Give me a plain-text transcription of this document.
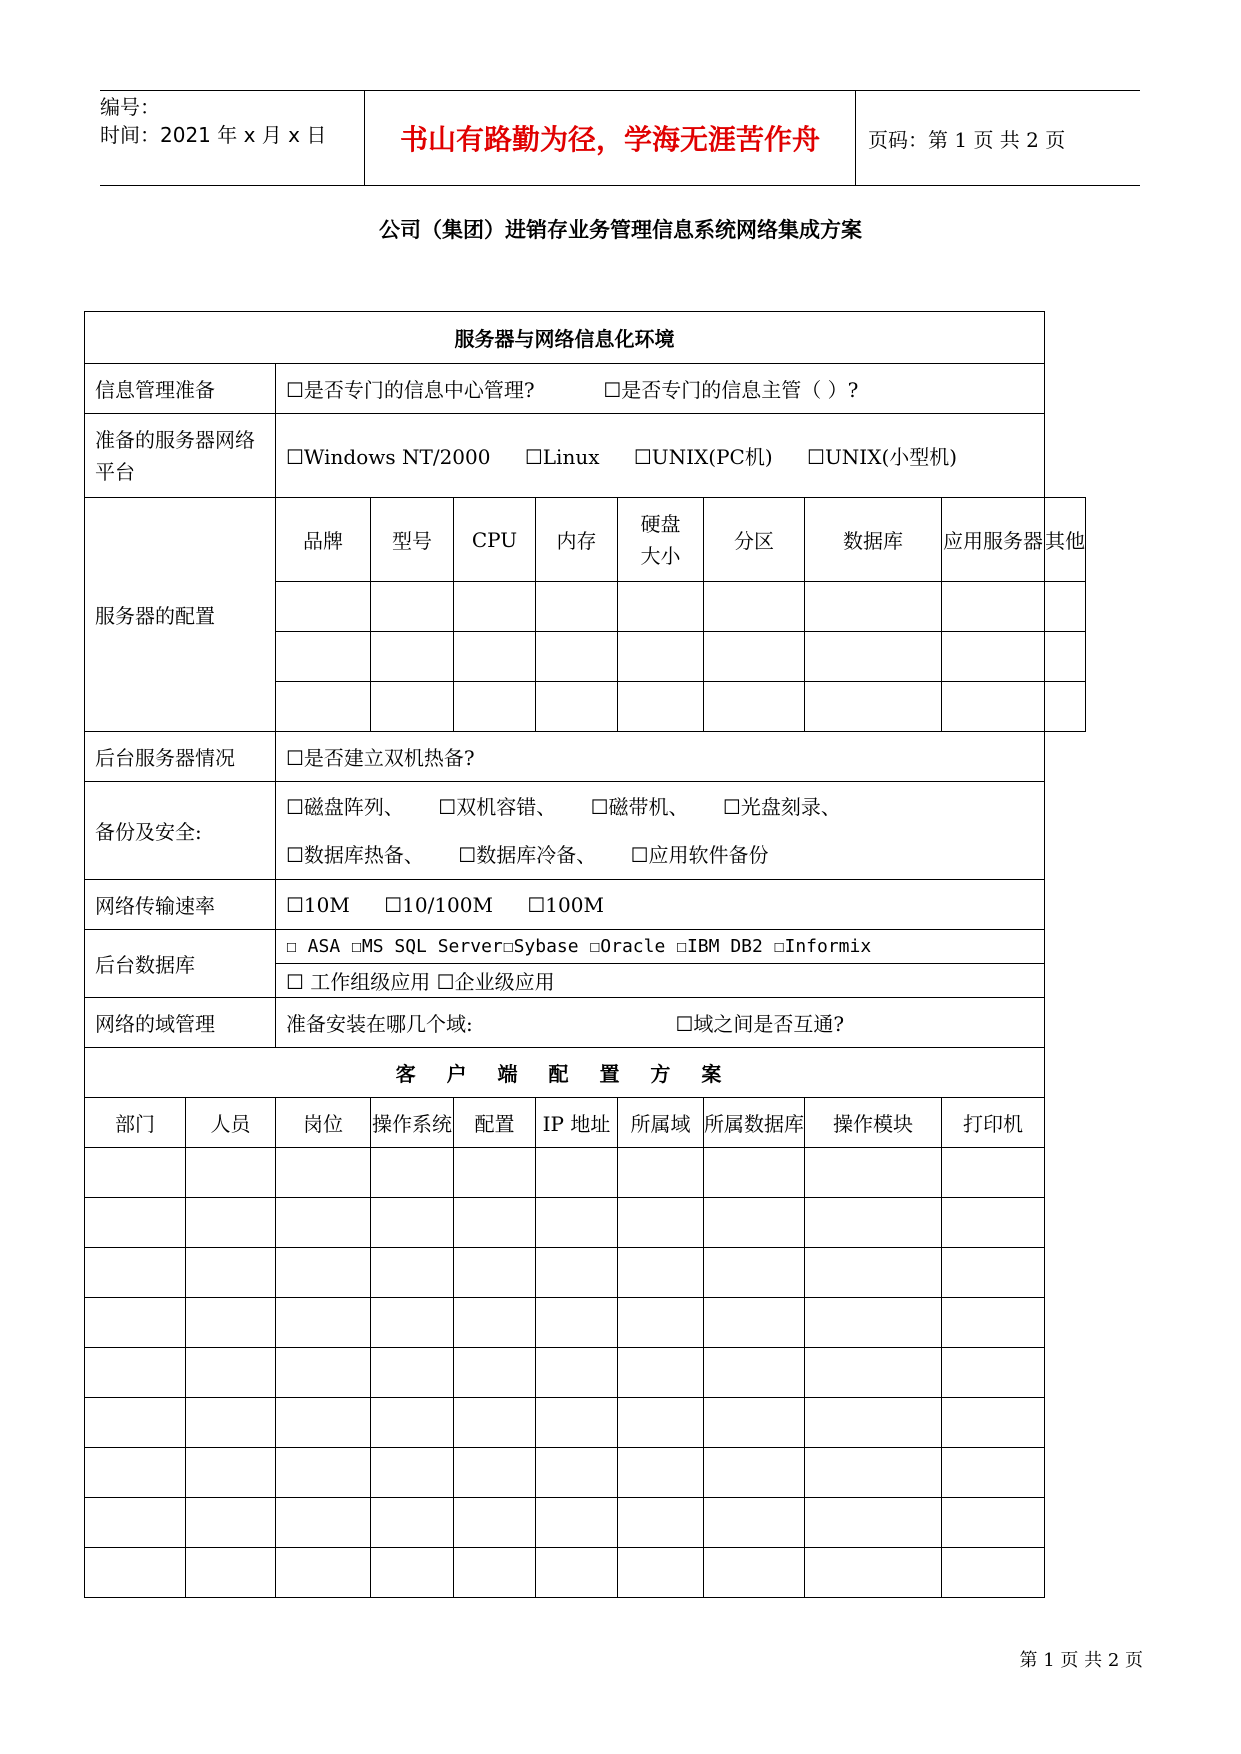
编号：
时间：2021 年 x 月 x 日	书山有路勤为径，学海无涯苦作舟	页码：第 1 页 共 2 页
公司（集团）进销存业务管理信息系统网络集成方案
服务器与网络信息化环境										
信息管理准备		☐是否专门的信息中心管理? ☐是否专门的信息主管（ ）?								
准备的服务器网络平台		☐Windows NT/2000 ☐Linux ☐UNIX(PC机) ☐UNIX(小型机)								
服务器的配置		品牌	型号	CPU	内存	硬盘大小	分区	数据库	应用服务器	其他

后台服务器情况		☐是否建立双机热备?								
备份及安全:		☐磁盘阵列、 ☐双机容错、 ☐磁带机、 ☐光盘刻录、
☐数据库热备、 ☐数据库冷备、 ☐应用软件备份								

网络传输速率		☐10M ☐10/100M ☐100M								
后台数据库		☐ ASA ☐MS SQL Server☐Sybase ☐Oracle ☐IBM DB2 ☐Informix								
		☐ 工作组级应用 ☐企业级应用								
网络的域管理		准备安装在哪几个域: ☐域之间是否互通?								
客 户 端 配 置 方 案										
部门	人员	岗位	操作系统	配置	IP 地址	所属域	所属数据库	操作模块	打印机	

第 1 页 共 2 页
